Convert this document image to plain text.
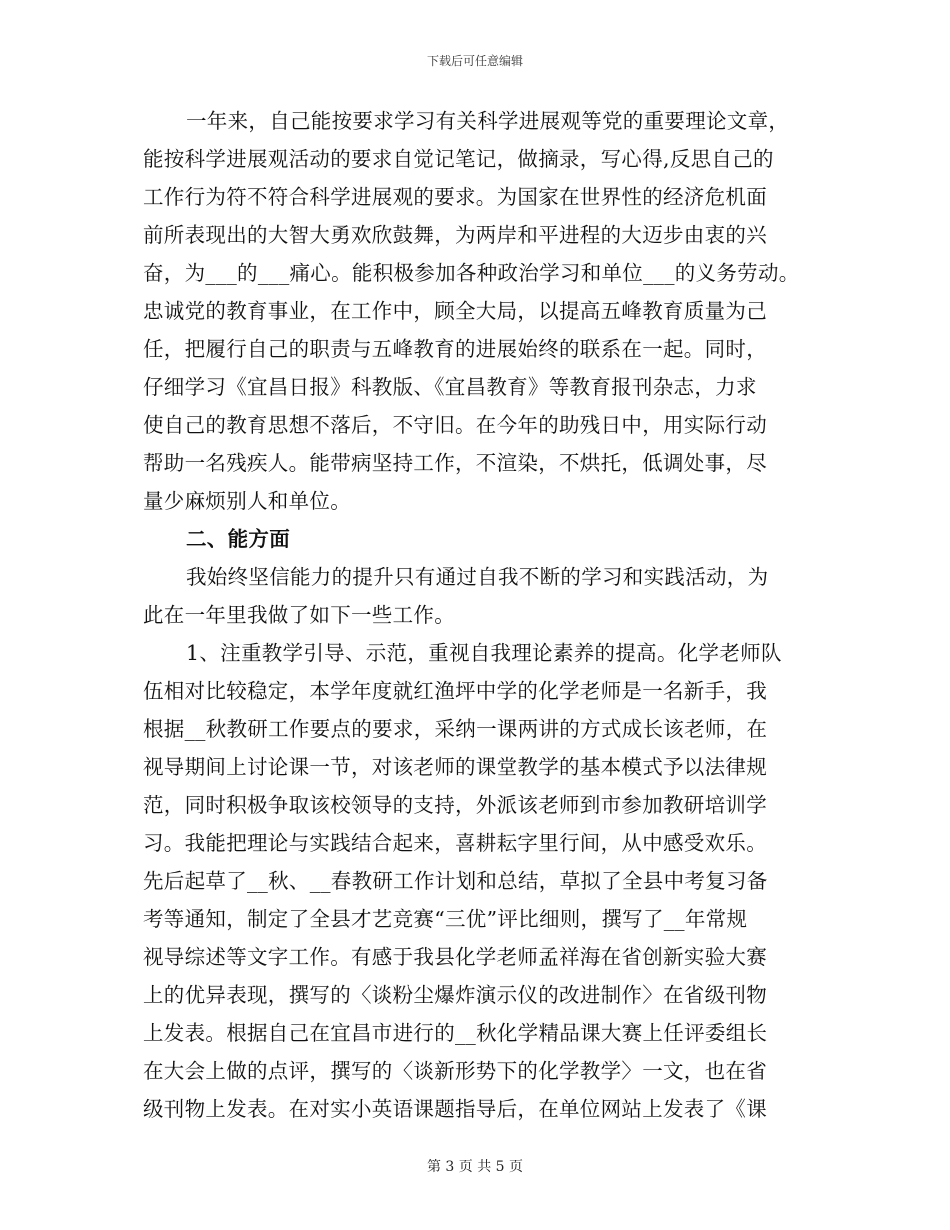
下载后可任意编辑
一年来，自己能按要求学习有关科学进展观等党的重要理论文章，
能按科学进展观活动的要求自觉记笔记，做摘录，写心得,反思自己的
工作行为符不符合科学进展观的要求。为国家在世界性的经济危机面
前所表现出的大智大勇欢欣鼓舞，为两岸和平进程的大迈步由衷的兴
奋，为___的___痛心。能积极参加各种政治学习和单位___的义务劳动。
忠诚党的教育事业，在工作中，顾全大局，以提高五峰教育质量为己
任，把履行自己的职责与五峰教育的进展始终的联系在一起。同时，
仔细学习《宜昌日报》科教版、《宜昌教育》等教育报刊杂志，力求
使自己的教育思想不落后，不守旧。在今年的助残日中，用实际行动
帮助一名残疾人。能带病坚持工作，不渲染，不烘托，低调处事，尽
量少麻烦别人和单位。
二、能方面
我始终坚信能力的提升只有通过自我不断的学习和实践活动，为
此在一年里我做了如下一些工作。
1、注重教学引导、示范，重视自我理论素养的提高。化学老师队
伍相对比较稳定，本学年度就红渔坪中学的化学老师是一名新手，我
根据__秋教研工作要点的要求，采纳一课两讲的方式成长该老师，在
视导期间上讨论课一节，对该老师的课堂教学的基本模式予以法律规
范，同时积极争取该校领导的支持，外派该老师到市参加教研培训学
习。我能把理论与实践结合起来，喜耕耘字里行间，从中感受欢乐。
先后起草了__秋、__春教研工作计划和总结，草拟了全县中考复习备
考等通知，制定了全县才艺竞赛“三优”评比细则，撰写了__年常规
视导综述等文字工作。有感于我县化学老师孟祥海在省创新实验大赛
上的优异表现，撰写的〈谈粉尘爆炸演示仪的改进制作〉在省级刊物
上发表。根据自己在宜昌市进行的__秋化学精品课大赛上任评委组长
在大会上做的点评，撰写的〈谈新形势下的化学教学〉一文，也在省
级刊物上发表。在对实小英语课题指导后，在单位网站上发表了《课
第 3 页 共 5 页
